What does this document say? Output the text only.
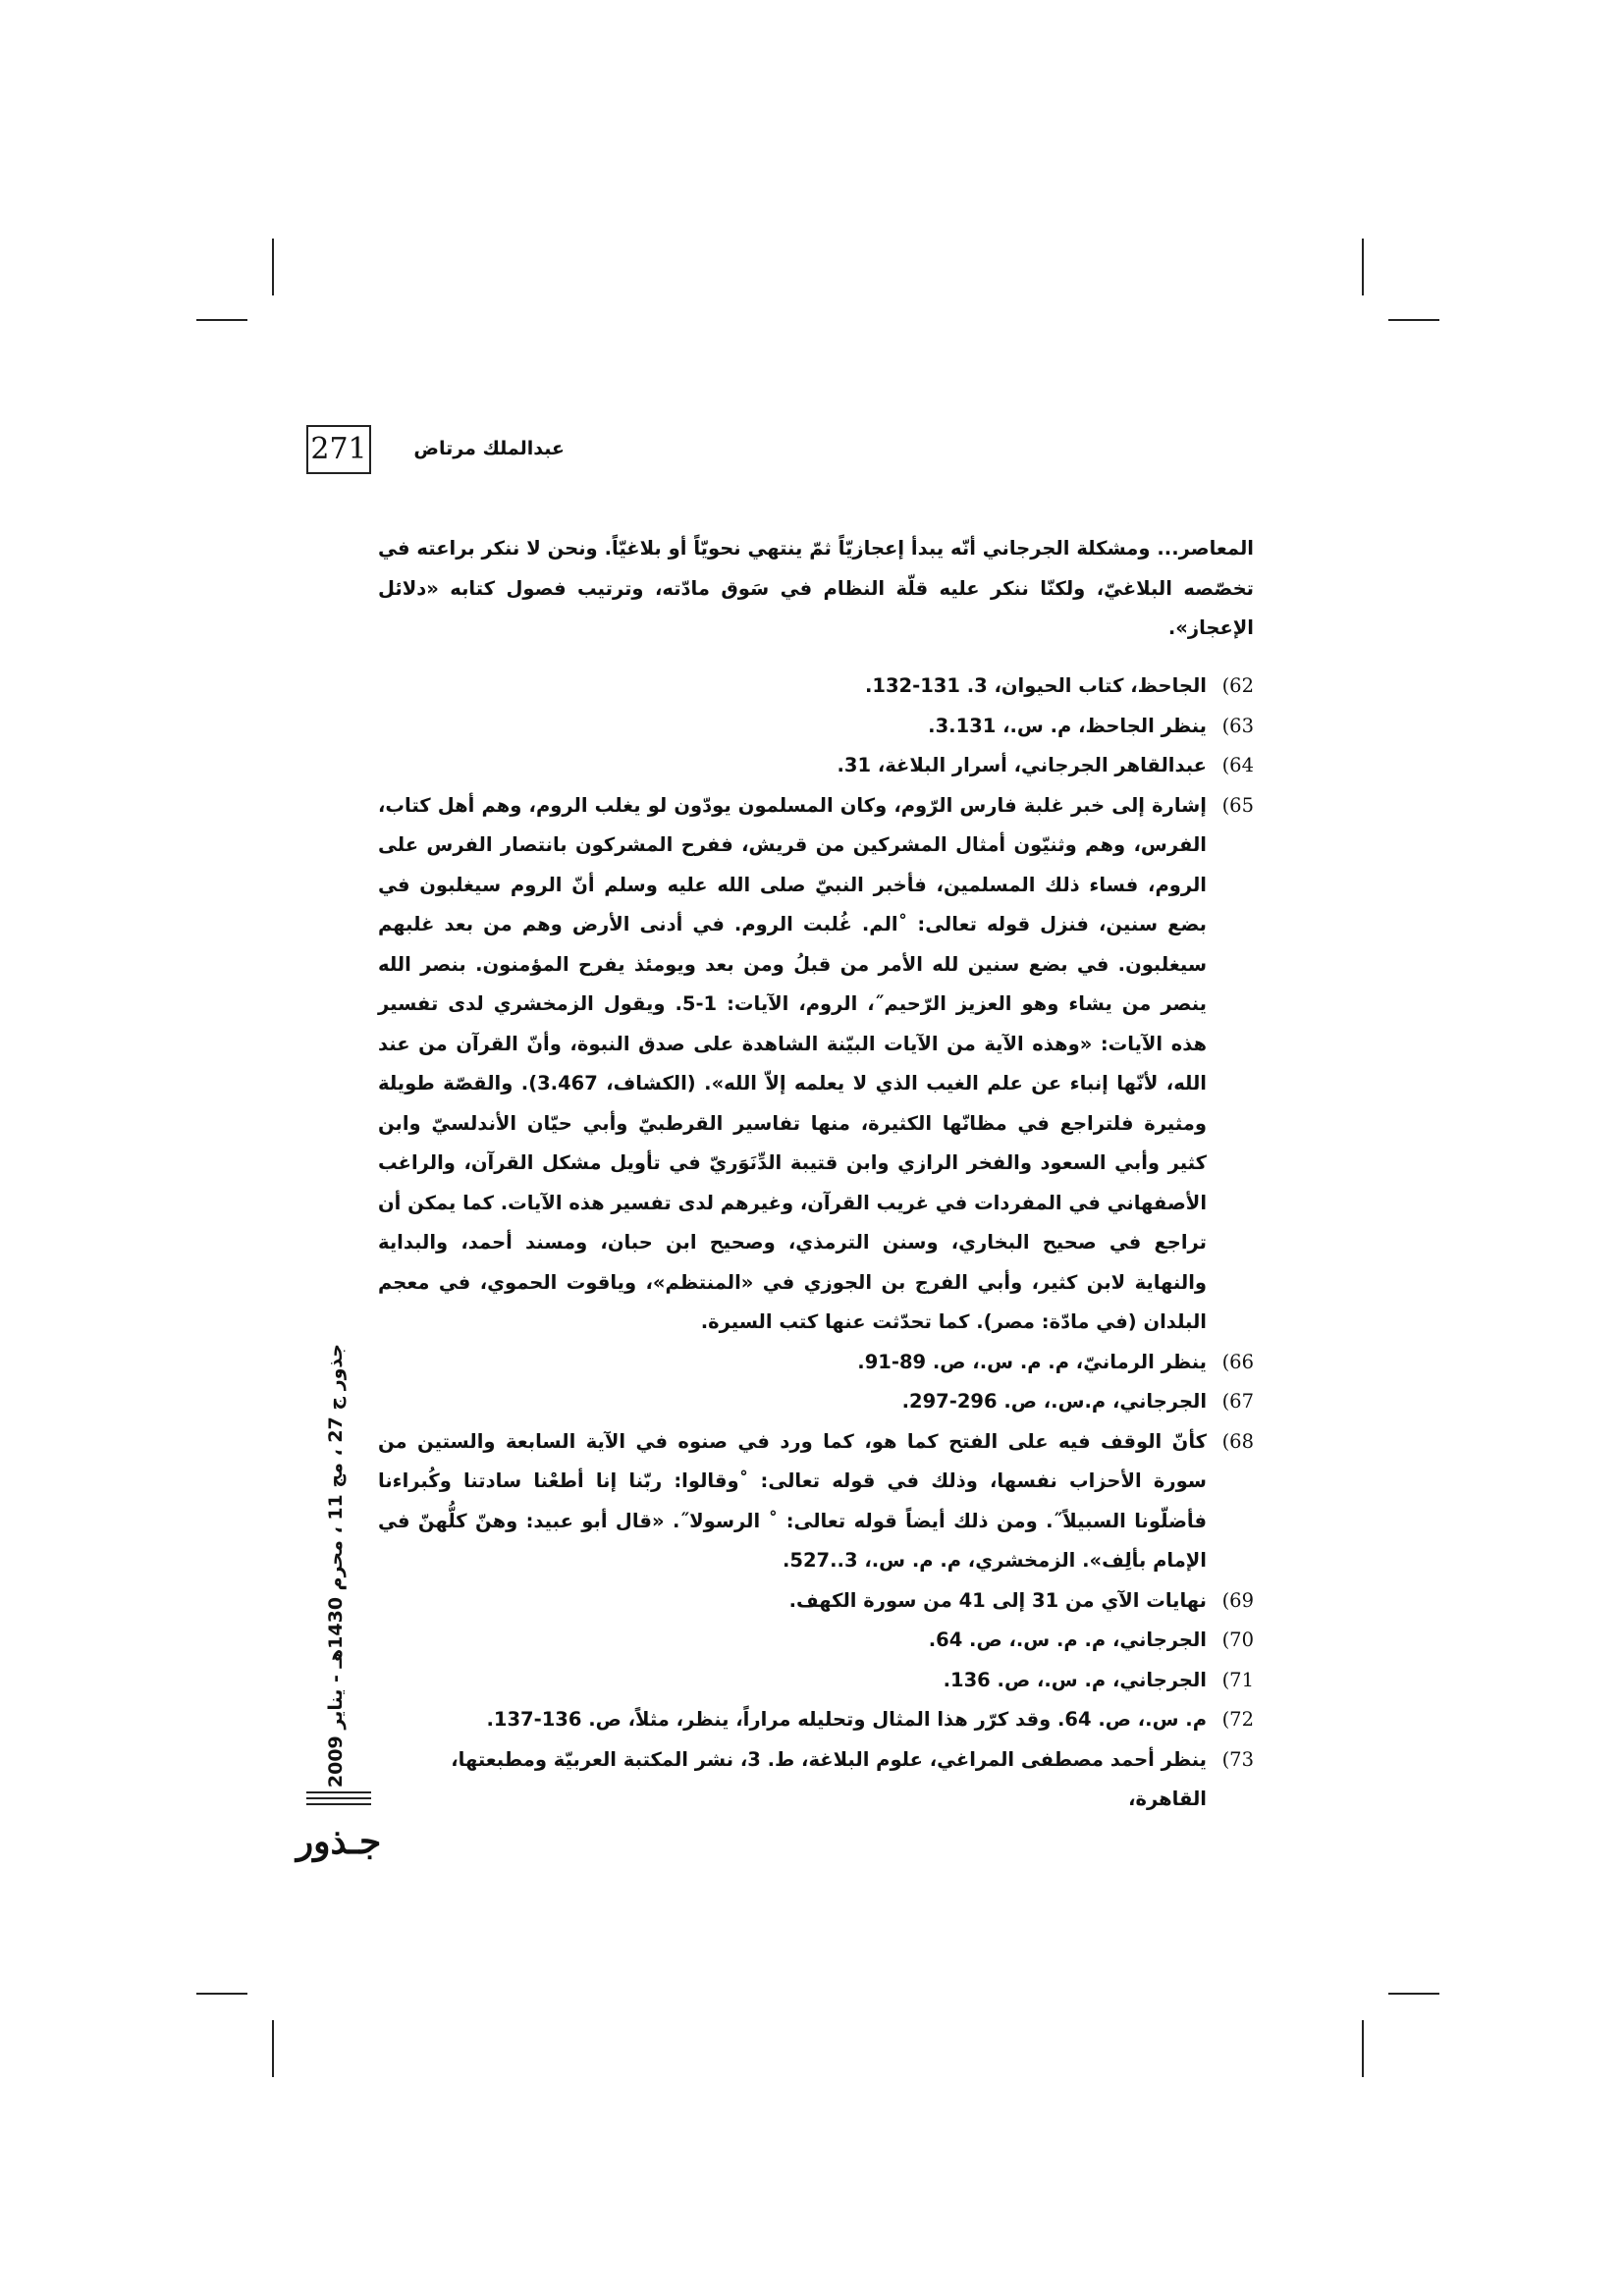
271	عبدالملك مرتاض
المعاصر... ومشكلة الجرجاني أنّه يبدأ إعجازيّاً ثمّ ينتهي نحويّاً أو بلاغيّاً. ونحن لا ننكر براعته في تخصّصه البلاغيّ، ولكنّا ننكر عليه قلّة النظام في سَوق مادّته، وترتيب فصول كتابه «دلائل الإعجاز».
62)
الجاحظ، كتاب الحيوان، 3. 131-132.
63)
ينظر الجاحظ، م. س.، 3.131.
64)
عبدالقاهر الجرجاني، أسرار البلاغة، 31.
65)
إشارة إلى خبر غلبة فارس الرّوم، وكان المسلمون يودّون لو يغلب الروم، وهم أهل كتاب، الفرس، وهم وثنيّون أمثال المشركين من قريش، ففرح المشركون بانتصار الفرس على الروم، فساء ذلك المسلمين، فأخبر النبيّ صلى الله عليه وسلم أنّ الروم سيغلبون في بضع سنين، فنزل قوله تعالى: ˚الم. غُلبت الروم. في أدنى الأرض وهم من بعد غلبهم سيغلبون. في بضع سنين لله الأمر من قبلُ ومن بعد ويومئذ يفرح المؤمنون. بنصر الله ينصر من يشاء وهو العزيز الرّحيم˝، الروم، الآيات: 1-5. ويقول الزمخشري لدى تفسير هذه الآيات: «وهذه الآية من الآيات البيّنة الشاهدة على صدق النبوة، وأنّ القرآن من عند الله، لأنّها إنباء عن علم الغيب الذي لا يعلمه إلاّ الله». (الكشاف، 3.467). والقصّة طويلة ومثيرة فلتراجع في مظانّها الكثيرة، منها تفاسير القرطبيّ وأبي حيّان الأندلسيّ وابن كثير وأبي السعود والفخر الرازي وابن قتيبة الدِّنَوَريّ في تأويل مشكل القرآن، والراغب الأصفهاني في المفردات في غريب القرآن، وغيرهم لدى تفسير هذه الآيات. كما يمكن أن تراجع في صحيح البخاري، وسنن الترمذي، وصحيح ابن حبان، ومسند أحمد، والبداية والنهاية لابن كثير، وأبي الفرج بن الجوزي في «المنتظم»، وياقوت الحموي، في معجم البلدان (في مادّة: مصر). كما تحدّثت عنها كتب السيرة.
66)
ينظر الرمانيّ، م. م. س.، ص. 89-91.
67)
الجرجاني، م.س.، ص. 296-297.
68)
كأنّ الوقف فيه على الفتح كما هو، كما ورد في صنوه في الآية السابعة والستين من سورة الأحزاب نفسها، وذلك في قوله تعالى: ˚وقالوا: ربّنا إنا أطعْنا سادتنا وكُبراءنا فأضلّونا السبيلاً˝. ومن ذلك أيضاً قوله تعالى: ˚ الرسولا˝. «قال أبو عبيد: وهنّ كلُّهنّ في الإمام بألِف». الزمخشري، م. م. س.، 3..527.
69)
نهايات الآي من 31 إلى 41 من سورة الكهف.
70)
الجرجاني، م. م. س.، ص. 64.
71)
الجرجاني، م. س.، ص. 136.
72)
م. س.، ص. 64. وقد كرّر هذا المثال وتحليله مراراً، ينظر، مثلاً، ص. 136-137.
73)
ينظر أحمد مصطفى المراغي، علوم البلاغة، ط. 3، نشر المكتبة العربيّة ومطبعتها، القاهرة،
جذور ج 27 ، مج 11 ، محرم 1430هـ - يناير 2009
جـذور
